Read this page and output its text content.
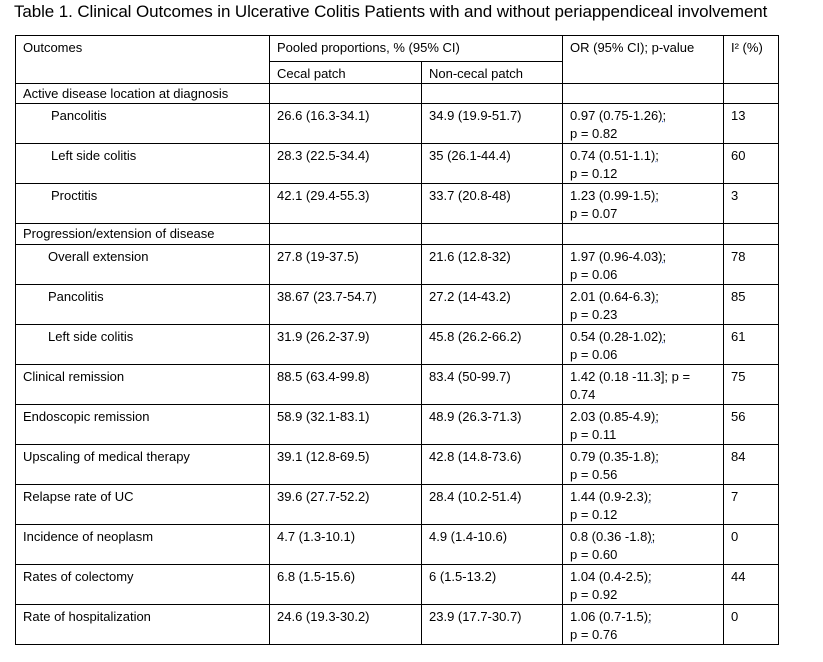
Table 1. Clinical Outcomes in Ulcerative Colitis Patients with and without periappendiceal involvement
Outcomes	Pooled proportions, % (95% CI)		OR (95% CI); p-value	I² (%)
	Cecal patch	Non-cecal patch		
Active disease location at diagnosis				
Pancolitis	26.6 (16.3-34.1)	34.9 (19.9-51.7)	0.97 (0.75-1.26);
p = 0.82	13
Left side colitis	28.3 (22.5-34.4)	35 (26.1-44.4)	0.74 (0.51-1.1);
p = 0.12	60
Proctitis	42.1 (29.4-55.3)	33.7 (20.8-48)	1.23 (0.99-1.5);
p = 0.07	3
Progression/extension of disease				
Overall extension	27.8 (19-37.5)	21.6 (12.8-32)	1.97 (0.96-4.03);
p = 0.06	78
Pancolitis	38.67 (23.7-54.7)	27.2 (14-43.2)	2.01 (0.64-6.3);
p = 0.23	85
Left side colitis	31.9 (26.2-37.9)	45.8 (26.2-66.2)	0.54 (0.28-1.02);
p = 0.06	61
Clinical remission	88.5 (63.4-99.8)	83.4 (50-99.7)	1.42 (0.18 -11.3]; p =
0.74	75
Endoscopic remission	58.9 (32.1-83.1)	48.9 (26.3-71.3)	2.03 (0.85-4.9);
p = 0.11	56
Upscaling of medical therapy	39.1 (12.8-69.5)	42.8 (14.8-73.6)	0.79 (0.35-1.8);
p = 0.56	84
Relapse rate of UC	39.6 (27.7-52.2)	28.4 (10.2-51.4)	1.44 (0.9-2.3);
p = 0.12	7
Incidence of neoplasm	4.7 (1.3-10.1)	4.9 (1.4-10.6)	0.8 (0.36 -1.8);
p = 0.60	0
Rates of colectomy	6.8 (1.5-15.6)	6 (1.5-13.2)	1.04 (0.4-2.5);
p = 0.92	44
Rate of hospitalization	24.6 (19.3-30.2)	23.9 (17.7-30.7)	1.06 (0.7-1.5);
p = 0.76	0
